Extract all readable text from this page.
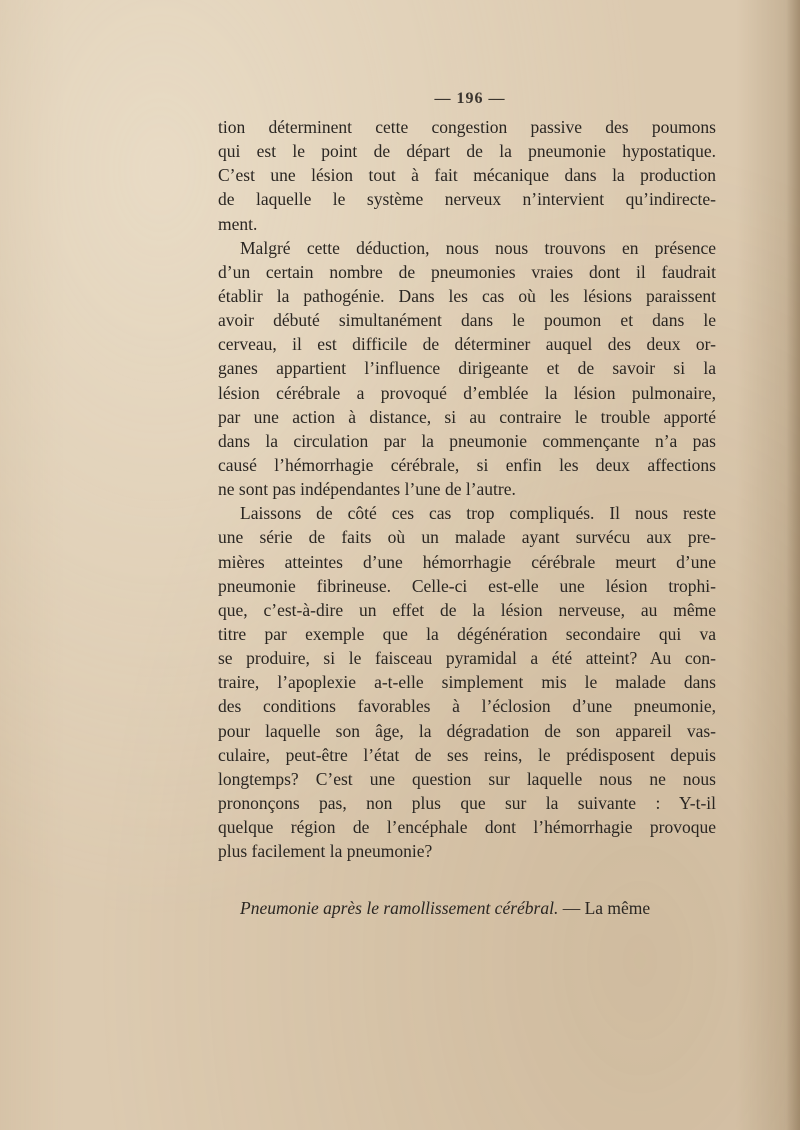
— 196 —
tion déterminent cette congestion passive des poumons
qui est le point de départ de la pneumonie hypostatique.
C’est une lésion tout à fait mécanique dans la production
de laquelle le système nerveux n’intervient qu’indirecte-
ment.
Malgré cette déduction, nous nous trouvons en présence
d’un certain nombre de pneumonies vraies dont il faudrait
établir la pathogénie. Dans les cas où les lésions paraissent
avoir débuté simultanément dans le poumon et dans le
cerveau, il est difficile de déterminer auquel des deux or-
ganes appartient l’influence dirigeante et de savoir si la
lésion cérébrale a provoqué d’emblée la lésion pulmonaire,
par une action à distance, si au contraire le trouble apporté
dans la circulation par la pneumonie commençante n’a pas
causé l’hémorrhagie cérébrale, si enfin les deux affections
ne sont pas indépendantes l’une de l’autre.
Laissons de côté ces cas trop compliqués. Il nous reste
une série de faits où un malade ayant survécu aux pre-
mières atteintes d’une hémorrhagie cérébrale meurt d’une
pneumonie fibrineuse. Celle-ci est-elle une lésion trophi-
que, c’est-à-dire un effet de la lésion nerveuse, au même
titre par exemple que la dégénération secondaire qui va
se produire, si le faisceau pyramidal a été atteint? Au con-
traire, l’apoplexie a-t-elle simplement mis le malade dans
des conditions favorables à l’éclosion d’une pneumonie,
pour laquelle son âge, la dégradation de son appareil vas-
culaire, peut-être l’état de ses reins, le prédisposent depuis
longtemps? C’est une question sur laquelle nous ne nous
prononçons pas, non plus que sur la suivante : Y-t-il
quelque région de l’encéphale dont l’hémorrhagie provoque
plus facilement la pneumonie?
Pneumonie après le ramollissement cérébral. — La même
